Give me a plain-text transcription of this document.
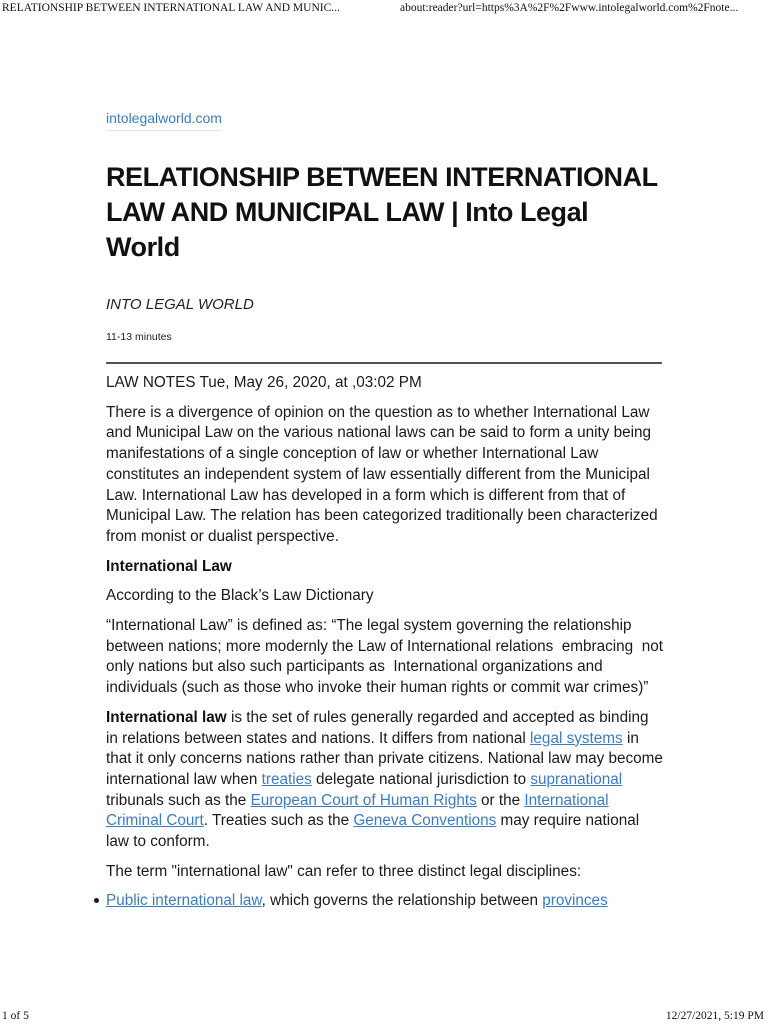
RELATIONSHIP BETWEEN INTERNATIONAL LAW AND MUNIC...	about:reader?url=https%3A%2F%2Fwww.intolegalworld.com%2Fnote...
intolegalworld.com
RELATIONSHIP BETWEEN INTERNATIONAL LAW AND MUNICIPAL LAW | Into Legal World
INTO LEGAL WORLD
11-13 minutes

LAW NOTES Tue, May 26, 2020, at ,03:02 PM

There is a divergence of opinion on the question as to whether International Law and Municipal Law on the various national laws can be said to form a unity being manifestations of a single conception of law or whether International Law constitutes an independent system of law essentially different from the Municipal Law. International Law has developed in a form which is different from that of Municipal Law. The relation has been categorized traditionally been characterized from monist or dualist perspective.

International Law

According to the Black’s Law Dictionary

“International Law” is defined as: “The legal system governing the relationship between nations; more modernly the Law of International relations  embracing  not only nations but also such participants as  International organizations and individuals (such as those who invoke their human rights or commit war crimes)”

International law is the set of rules generally regarded and accepted as binding in relations between states and nations. It differs from national legal systems in that it only concerns nations rather than private citizens. National law may become international law when treaties delegate national jurisdiction to supranational tribunals such as the European Court of Human Rights or the International Criminal Court. Treaties such as the Geneva Conventions may require national law to conform.

The term "international law" can refer to three distinct legal disciplines:

Public international law, which governs the relationship between provinces
1 of 5	12/27/2021, 5:19 PM
